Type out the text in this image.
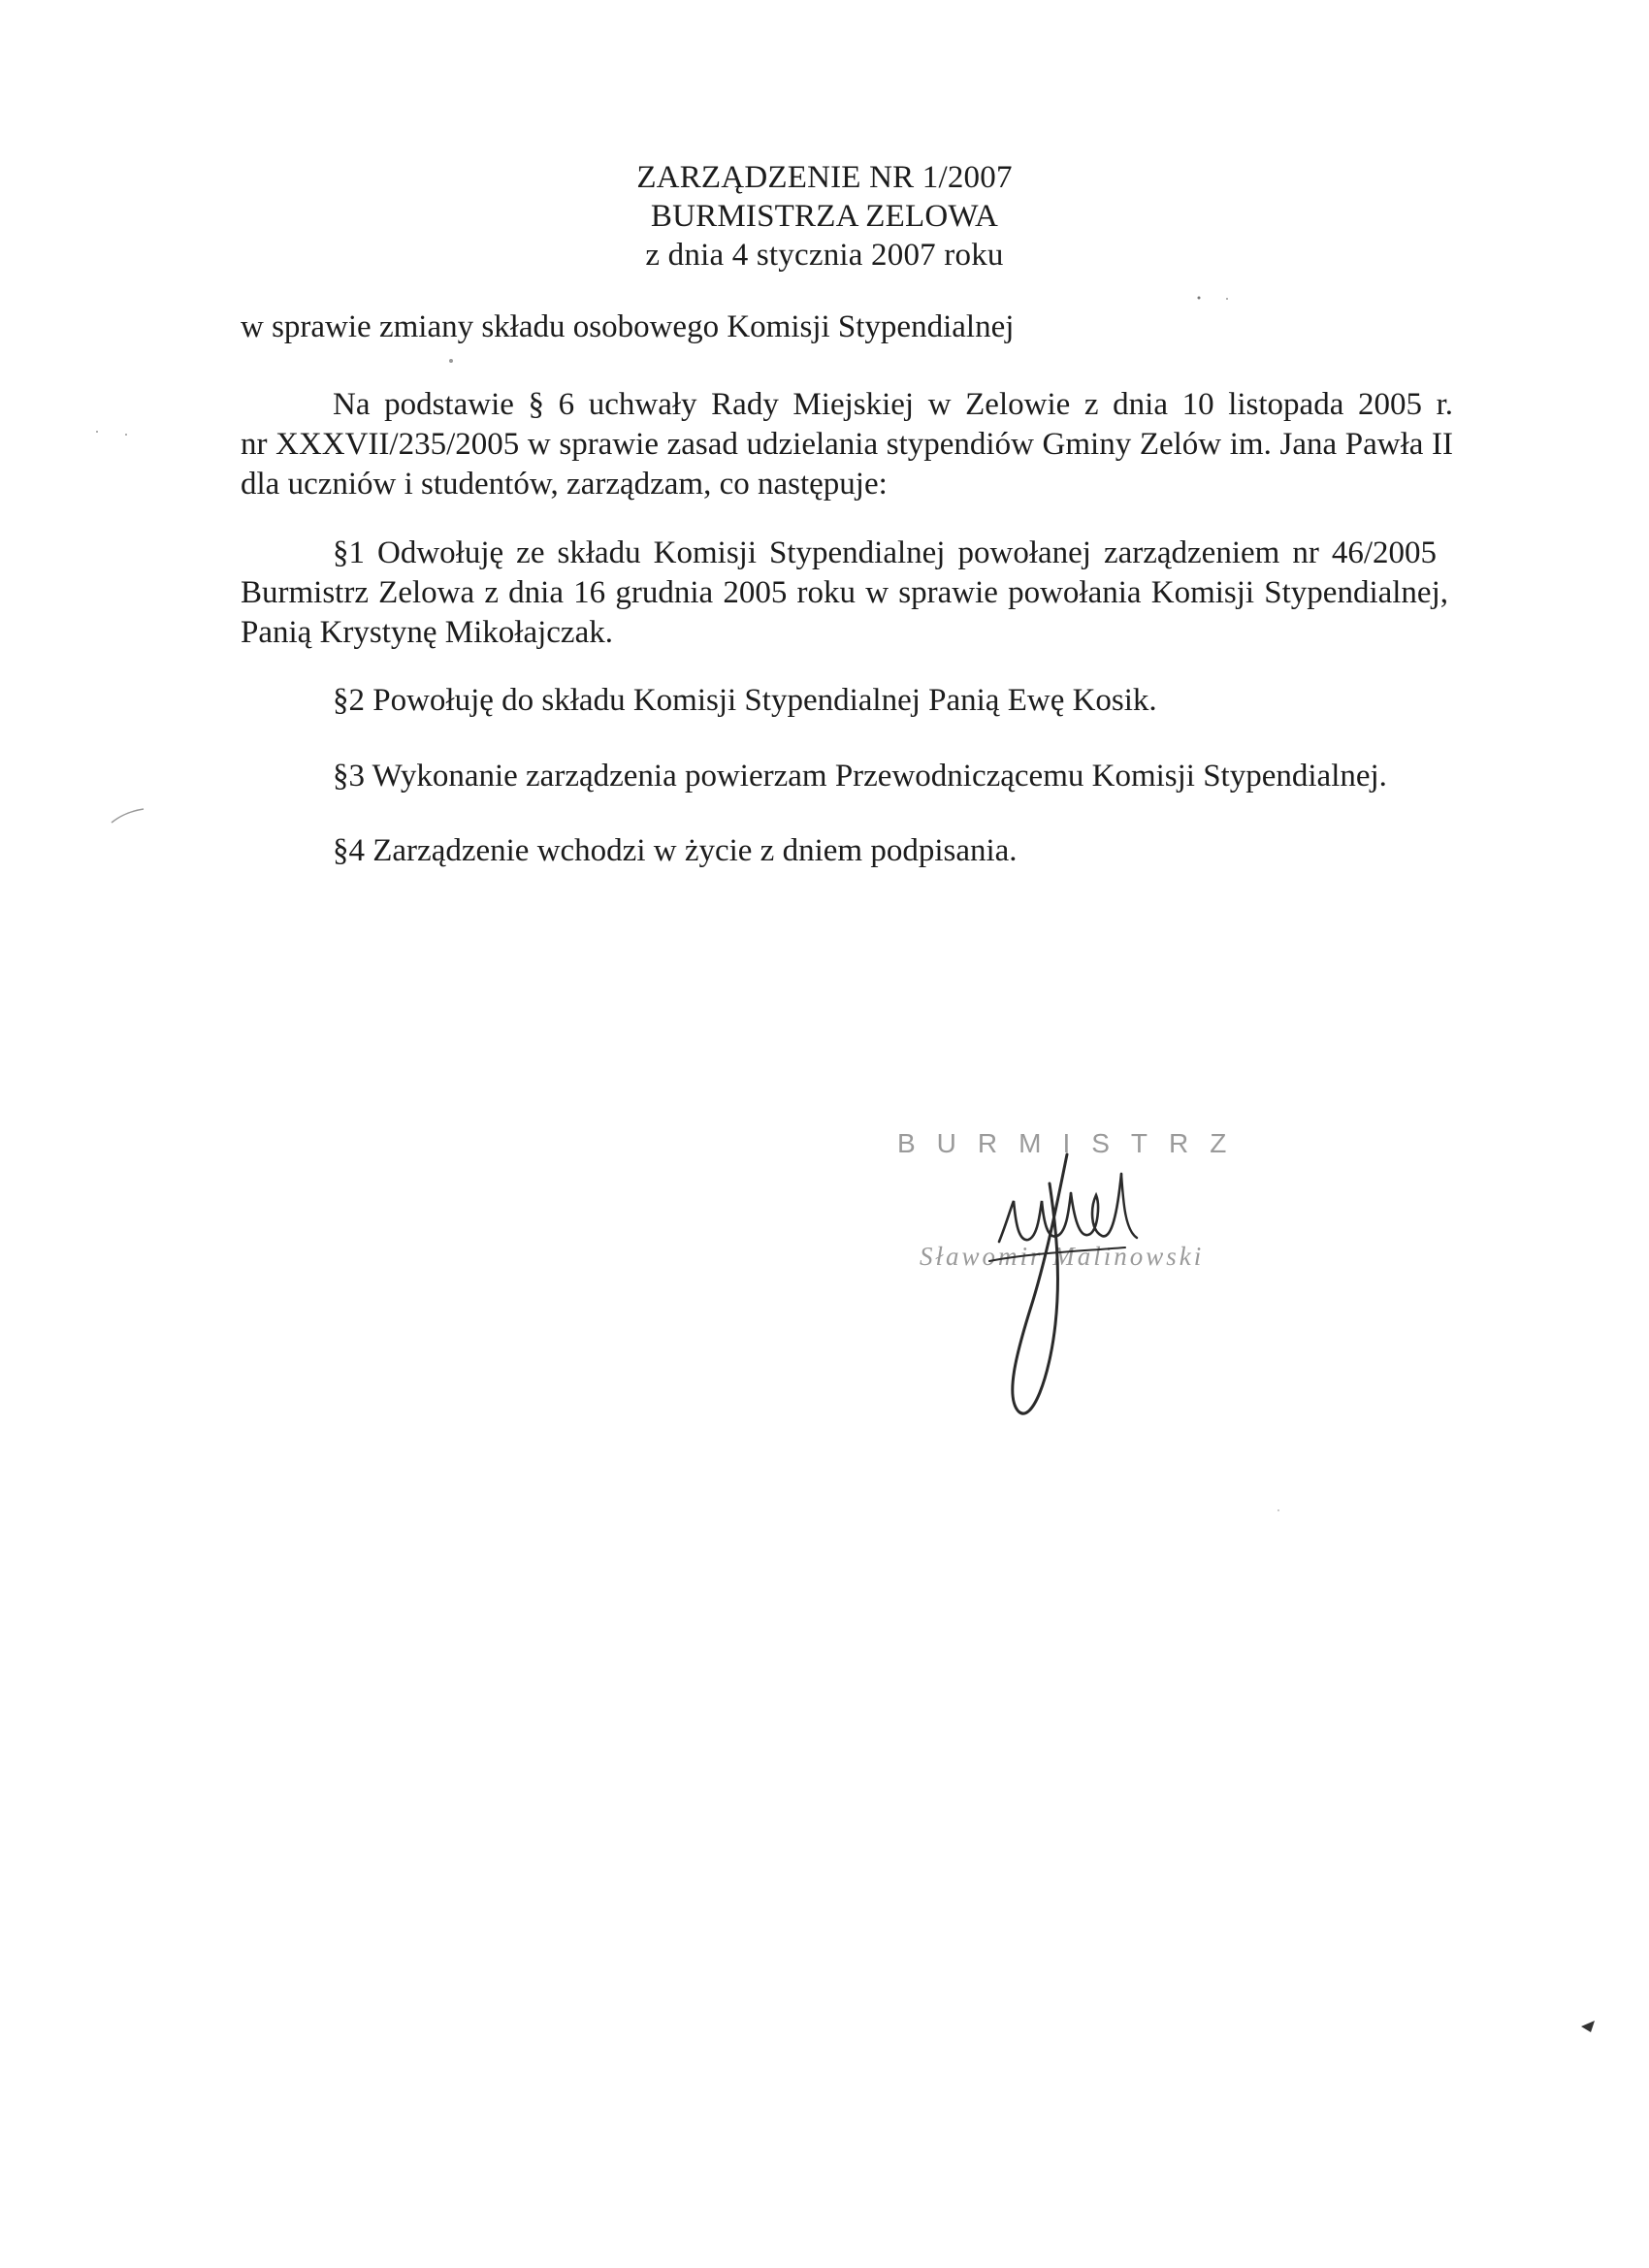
ZARZĄDZENIE NR 1/2007
BURMISTRZA ZELOWA
z dnia 4 stycznia 2007 roku
w sprawie zmiany składu osobowego Komisji Stypendialnej
Na podstawie § 6 uchwały Rady Miejskiej w Zelowie z dnia 10 listopada 2005 r.
nr XXXVII/235/2005 w sprawie zasad udzielania stypendiów Gminy Zelów im. Jana Pawła II
dla uczniów i studentów, zarządzam, co następuje:
§1 Odwołuję ze składu Komisji Stypendialnej powołanej zarządzeniem nr 46/2005
Burmistrz Zelowa z dnia 16 grudnia 2005 roku w sprawie powołania Komisji Stypendialnej,
Panią Krystynę Mikołajczak.
§2 Powołuję do składu Komisji Stypendialnej Panią Ewę Kosik.
§3 Wykonanie zarządzenia powierzam Przewodniczącemu Komisji Stypendialnej.
§4 Zarządzenie wchodzi w życie z dniem podpisania.
BURMISTRZ
Sławomir Malinowski
